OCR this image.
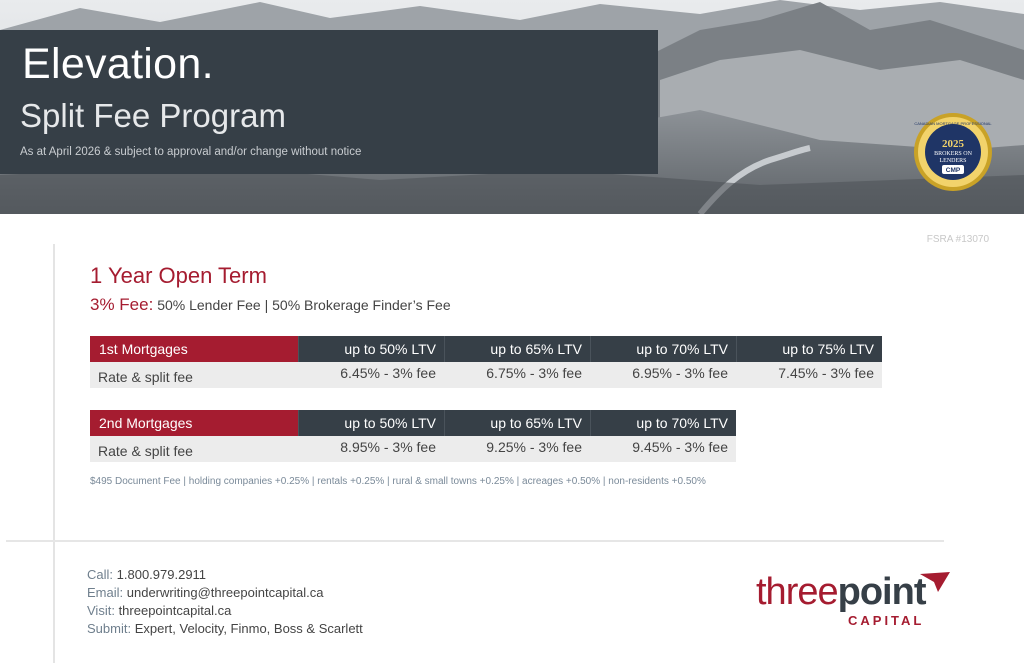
Elevation.
Split Fee Program
As at April 2026 & subject to approval and/or change without notice
CANADIAN MORTGAGE PROFESSIONAL
2025
BROKERS ON
LENDERS
CMP
FSRA #13070
1 Year Open Term
3% Fee: 50% Lender Fee | 50% Brokerage Finder’s Fee
1st Mortgages	up to 50% LTV	up to 65% LTV	up to 70% LTV	up to 75% LTV
Rate & split fee	6.45% - 3% fee	6.75% - 3% fee	6.95% - 3% fee	7.45% - 3% fee
2nd Mortgages	up to 50% LTV	up to 65% LTV	up to 70% LTV
Rate & split fee	8.95% - 3% fee	9.25% - 3% fee	9.45% - 3% fee
$495 Document Fee | holding companies +0.25% | rentals +0.25% | rural & small towns +0.25% | acreages +0.50% | non-residents +0.50%
Call: 1.800.979.2911
Email: underwriting@threepointcapital.ca
Visit: threepointcapital.ca
Submit: Expert, Velocity, Finmo, Boss & Scarlett
threepoint
CAPITAL
